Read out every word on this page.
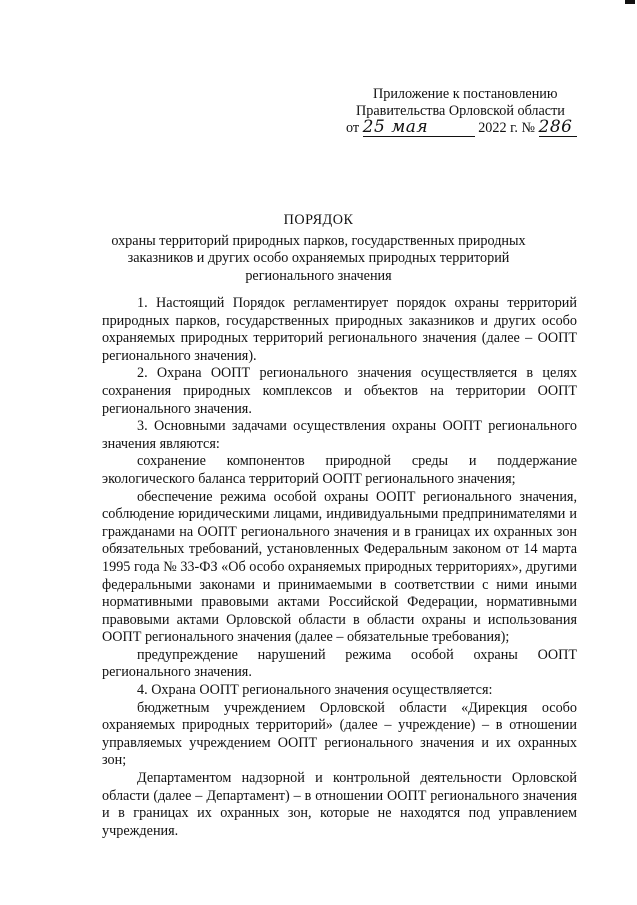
Приложение к постановлению
Правительства Орловской области
от 25 мая	2022 г. № 286
ПОРЯДОК
охраны территорий природных парков, государственных природных
заказников и других особо охраняемых природных территорий
регионального значения

1. Настоящий Порядок регламентирует порядок охраны территорий природных парков, государственных природных заказников и других особо охраняемых природных территорий регионального значения (далее – ООПТ регионального значения).

2. Охрана ООПТ регионального значения осуществляется в целях сохранения природных комплексов и объектов на территории ООПТ регионального значения.

3. Основными задачами осуществления охраны ООПТ регионального значения являются:

сохранение компонентов природной среды и поддержание экологического баланса территорий ООПТ регионального значения;

обеспечение режима особой охраны ООПТ регионального значения, соблюдение юридическими лицами, индивидуальными предпринимателями и гражданами на ООПТ регионального значения и в границах их охранных зон обязательных требований, установленных Федеральным законом от 14 марта 1995 года № 33-ФЗ «Об особо охраняемых природных территориях», другими федеральными законами и принимаемыми в соответствии с ними иными нормативными правовыми актами Российской Федерации, нормативными правовыми актами Орловской области в области охраны и использования ООПТ регионального значения (далее – обязательные требования);

предупреждение нарушений режима особой охраны ООПТ регионального значения.

4. Охрана ООПТ регионального значения осуществляется:

бюджетным учреждением Орловской области «Дирекция особо охраняемых природных территорий» (далее – учреждение) – в отношении управляемых учреждением ООПТ регионального значения и их охранных зон;

Департаментом надзорной и контрольной деятельности Орловской области (далее – Департамент) – в отношении ООПТ регионального значения и в границах их охранных зон, которые не находятся под управлением учреждения.
